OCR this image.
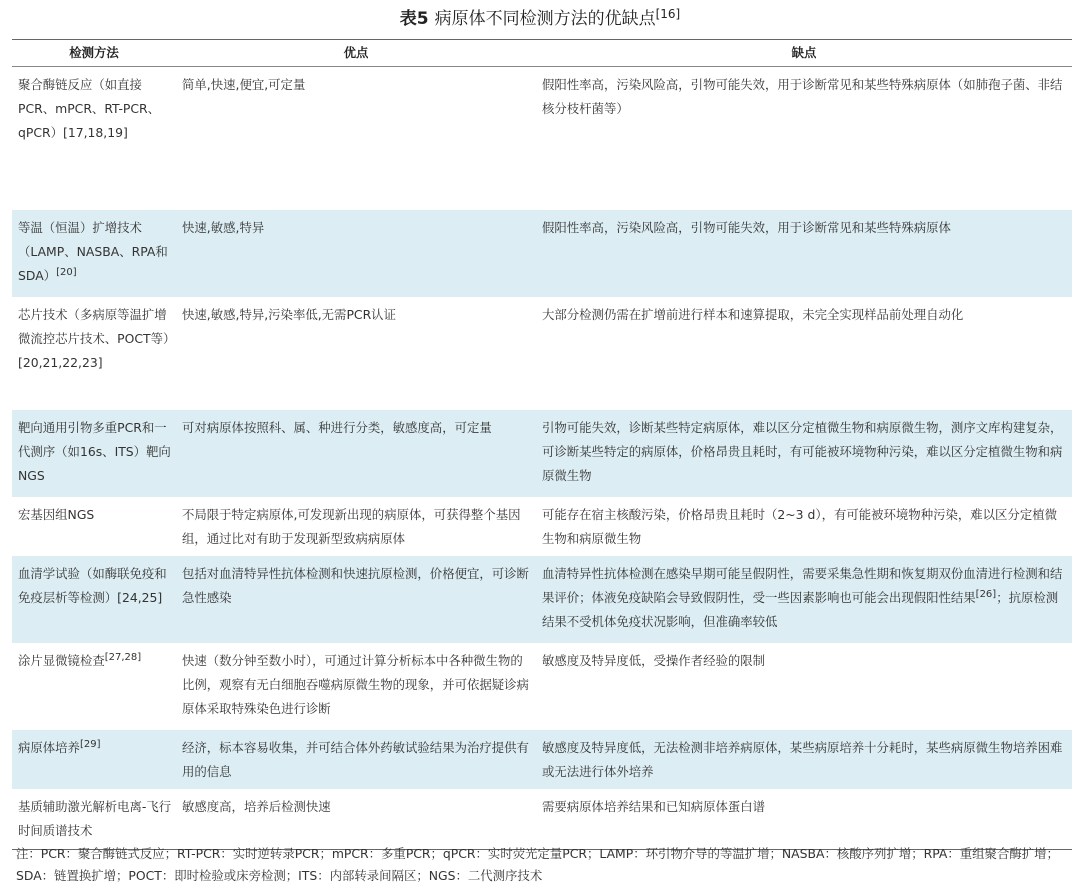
表5 病原体不同检测方法的优缺点[16]
检测方法	优点	缺点
聚合酶链反应（如直接PCR、mPCR、RT-PCR、qPCR）[17,18,19]	简单,快速,便宜,可定量	假阳性率高，污染风险高，引物可能失效，用于诊断常见和某些特殊病原体（如肺孢子菌、非结核分枝杆菌等）
等温（恒温）扩增技术（LAMP、NASBA、RPA和SDA）[20]	快速,敏感,特异	假阳性率高，污染风险高，引物可能失效，用于诊断常见和某些特殊病原体
芯片技术（多病原等温扩增微流控芯片技术、POCT等）[20,21,22,23]	快速,敏感,特异,污染率低,无需PCR认证	大部分检测仍需在扩增前进行样本和速算提取，未完全实现样品前处理自动化
靶向通用引物多重PCR和一代测序（如16s、ITS）靶向NGS	可对病原体按照科、属、种进行分类，敏感度高，可定量	引物可能失效，诊断某些特定病原体，难以区分定植微生物和病原微生物，测序文库构建复杂，可诊断某些特定的病原体，价格昂贵且耗时，有可能被环境物种污染，难以区分定植微生物和病原微生物
宏基因组NGS	不局限于特定病原体,可发现新出现的病原体，可获得整个基因组，通过比对有助于发现新型致病病原体	可能存在宿主核酸污染，价格昂贵且耗时（2~3 d），有可能被环境物种污染，难以区分定植微生物和病原微生物
血清学试验（如酶联免疫和免疫层析等检测）[24,25]	包括对血清特异性抗体检测和快速抗原检测，价格便宜，可诊断急性感染	血清特异性抗体检测在感染早期可能呈假阴性，需要采集急性期和恢复期双份血清进行检测和结果评价；体液免疫缺陷会导致假阴性，受一些因素影响也可能会出现假阳性结果[26]；抗原检测结果不受机体免疫状况影响，但准确率较低
涂片显微镜检查[27,28]	快速（数分钟至数小时），可通过计算分析标本中各种微生物的比例，观察有无白细胞吞噬病原微生物的现象，并可依据疑诊病原体采取特殊染色进行诊断	敏感度及特异度低，受操作者经验的限制
病原体培养[29]	经济，标本容易收集，并可结合体外药敏试验结果为治疗提供有用的信息	敏感度及特异度低，无法检测非培养病原体，某些病原培养十分耗时，某些病原微生物培养困难或无法进行体外培养
基质辅助激光解析电离-飞行时间质谱技术	敏感度高，培养后检测快速	需要病原体培养结果和已知病原体蛋白谱
注：PCR：聚合酶链式反应；RT-PCR：实时逆转录PCR；mPCR：多重PCR；qPCR：实时荧光定量PCR；LAMP：环引物介导的等温扩增；NASBA：核酸序列扩增；RPA：重组聚合酶扩增；SDA：链置换扩增；POCT：即时检验或床旁检测；ITS：内部转录间隔区；NGS：二代测序技术
